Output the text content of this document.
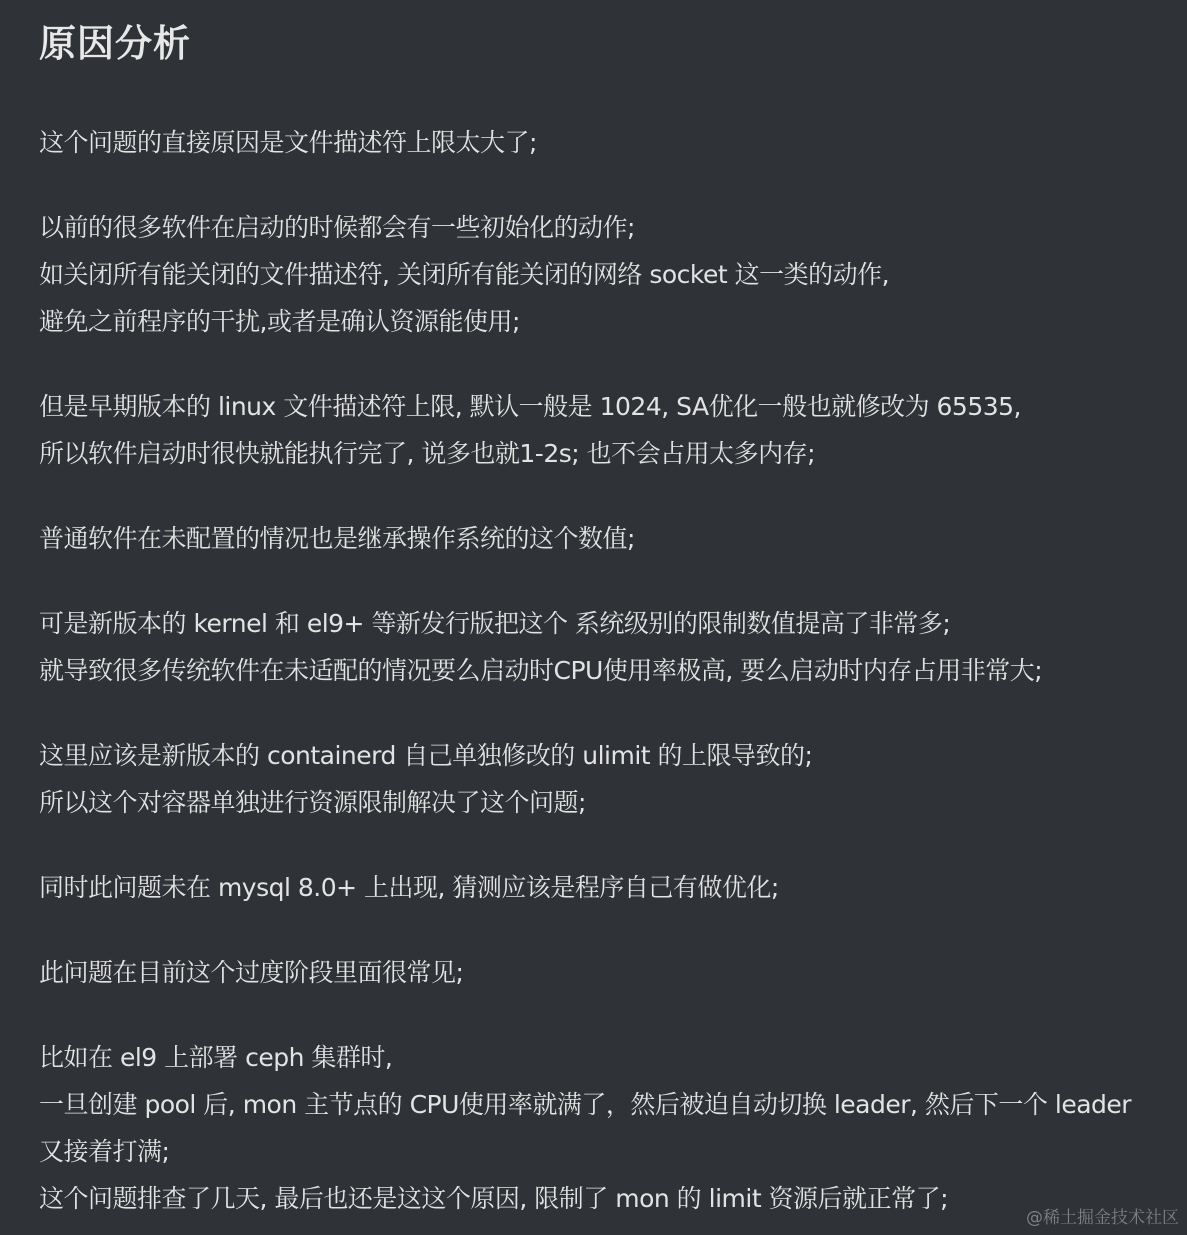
原因分析

这个问题的直接原因是文件描述符上限太大了;

以前的很多软件在启动的时候都会有一些初始化的动作;
如关闭所有能关闭的文件描述符, 关闭所有能关闭的网络 socket 这一类的动作,
避免之前程序的干扰,或者是确认资源能使用;

但是早期版本的 linux 文件描述符上限, 默认一般是 1024, SA优化一般也就修改为 65535,
所以软件启动时很快就能执行完了, 说多也就1-2s; 也不会占用太多内存;

普通软件在未配置的情况也是继承操作系统的这个数值;

可是新版本的 kernel 和 el9+ 等新发行版把这个 系统级别的限制数值提高了非常多;
就导致很多传统软件在未适配的情况要么启动时CPU使用率极高, 要么启动时内存占用非常大;

这里应该是新版本的 containerd 自己单独修改的 ulimit 的上限导致的;
所以这个对容器单独进行资源限制解决了这个问题;

同时此问题未在 mysql 8.0+ 上出现, 猜测应该是程序自己有做优化;

此问题在目前这个过度阶段里面很常见;

比如在 el9 上部署 ceph 集群时,
一旦创建 pool 后, mon 主节点的 CPU使用率就满了，然后被迫自动切换 leader, 然后下一个 leader
又接着打满;
这个问题排查了几天, 最后也还是这这个原因, 限制了 mon 的 limit 资源后就正常了;

@稀土掘金技术社区
